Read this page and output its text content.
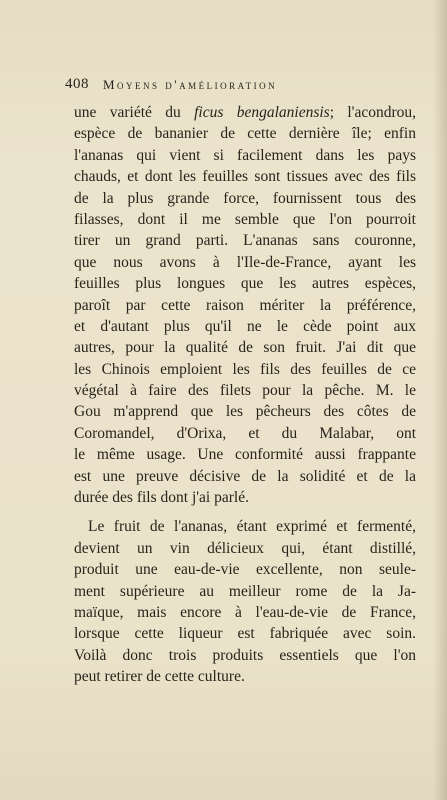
408 Moyens d'amélioration
une variété du ficus bengalaniensis; l'acondrou,
espèce de bananier de cette dernière île; enfin
l'ananas qui vient si facilement dans les pays
chauds, et dont les feuilles sont tissues avec des fils
de la plus grande force, fournissent tous des
filasses, dont il me semble que l'on pourroit
tirer un grand parti. L'ananas sans couronne,
que nous avons à l'Ile-de-France, ayant les
feuilles plus longues que les autres espèces,
paroît par cette raison mériter la préférence,
et d'autant plus qu'il ne le cède point aux
autres, pour la qualité de son fruit. J'ai dit que
les Chinois emploient les fils des feuilles de ce
végétal à faire des filets pour la pêche. M. le
Gou m'apprend que les pêcheurs des côtes de
Coromandel, d'Orixa, et du Malabar, ont
le même usage. Une conformité aussi frappante
est une preuve décisive de la solidité et de la
durée des fils dont j'ai parlé.
Le fruit de l'ananas, étant exprimé et fermenté,
devient un vin délicieux qui, étant distillé,
produit une eau-de-vie excellente, non seule-
ment supérieure au meilleur rome de la Ja-
maïque, mais encore à l'eau-de-vie de France,
lorsque cette liqueur est fabriquée avec soin.
Voilà donc trois produits essentiels que l'on
peut retirer de cette culture.
